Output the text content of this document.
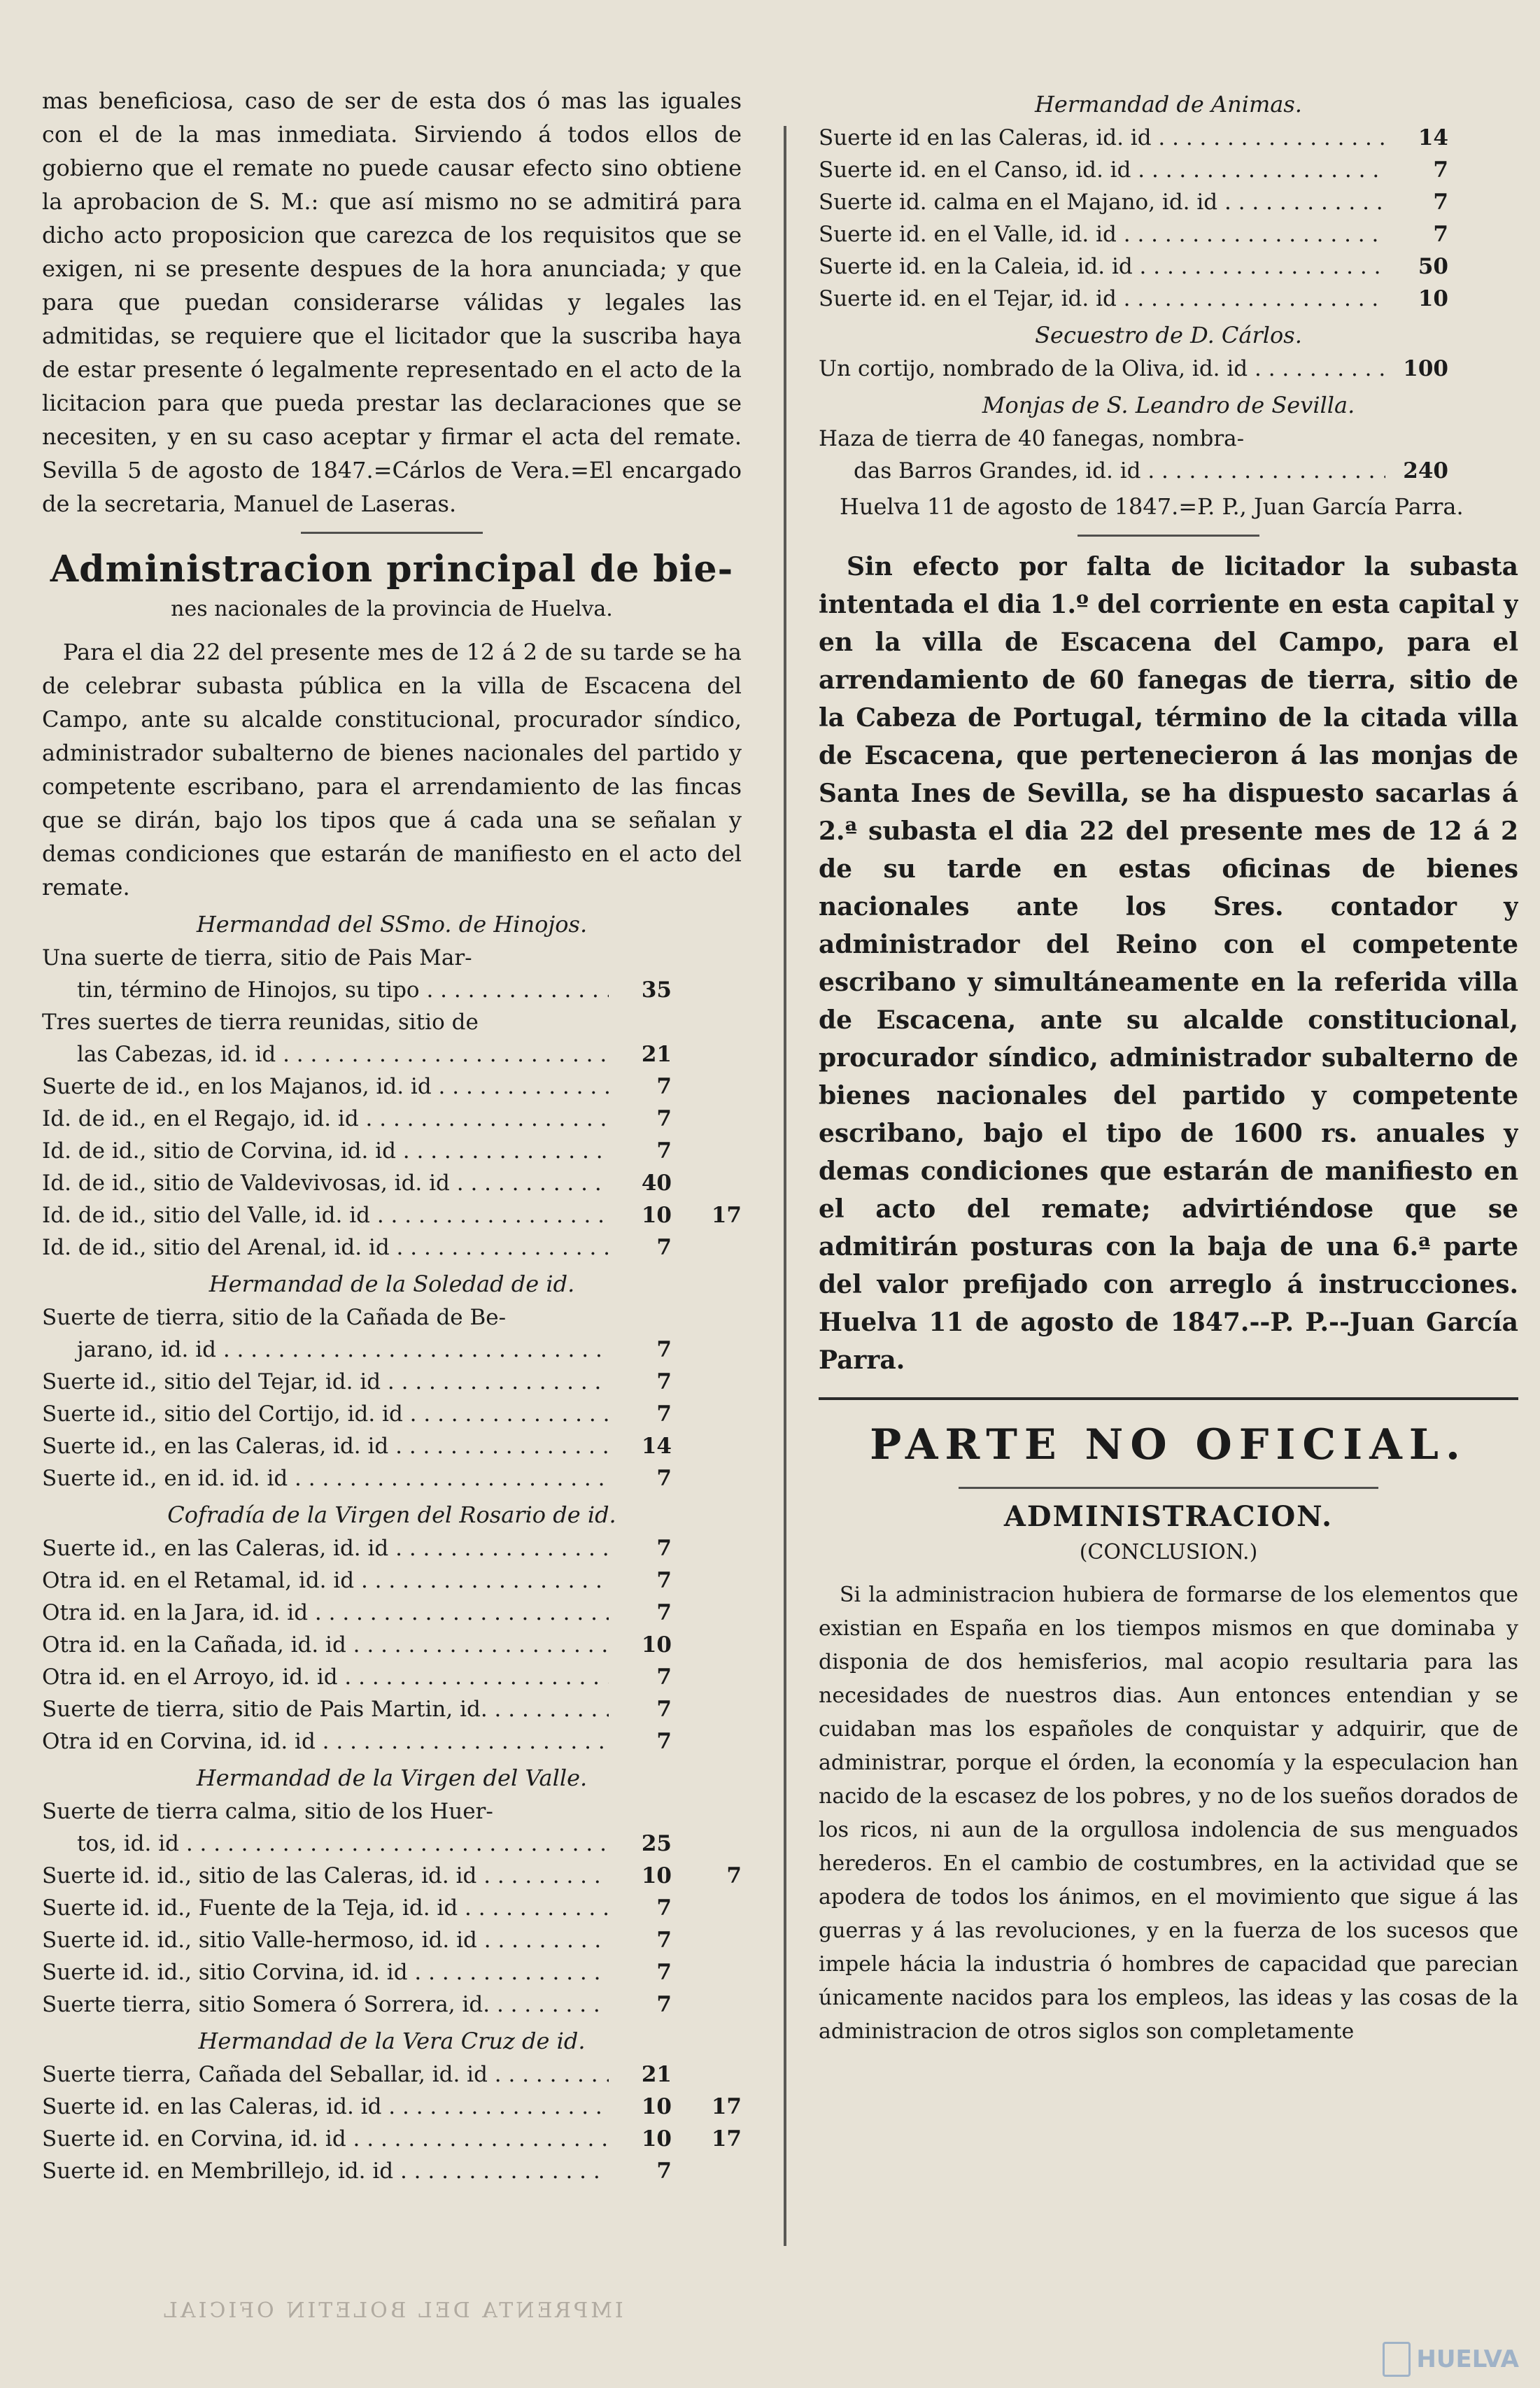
mas beneficiosa, caso de ser de esta dos ó mas las iguales con el de la mas inmediata. Sirviendo á todos ellos de gobierno que el remate no puede causar efecto sino obtiene la aprobacion de S. M.: que así mismo no se admitirá para dicho acto proposicion que carezca de los requisitos que se exigen, ni se presente despues de la hora anunciada; y que para que puedan considerarse válidas y legales las admitidas, se requiere que el licitador que la suscriba haya de estar presente ó legalmente representado en el acto de la licitacion para que pueda prestar las declaraciones que se necesiten, y en su caso aceptar y firmar el acta del remate. Sevilla 5 de agosto de 1847.=Cárlos de Vera.=El encargado de la secretaria, Manuel de Laseras.

Administracion principal de bie-
nes nacionales de la provincia de Huelva.

Para el dia 22 del presente mes de 12 á 2 de su tarde se ha de celebrar subasta pública en la villa de Escacena del Campo, ante su alcalde constitucional, procurador síndico, administrador subalterno de bienes nacionales del partido y competente escribano, para el arrendamiento de las fincas que se dirán, bajo los tipos que á cada una se señalan y demas condiciones que estarán de manifiesto en el acto del remate.

Hermandad del SSmo. de Hinojos.
Una suerte de tierra, sitio de Pais Mar-
tin, término de Hinojos, su tipo . . .	35
Tres suertes de tierra reunidas, sitio de
las Cabezas, id. id . . .	21
Suerte de id., en los Majanos, id. id . . .	7
Id. de id., en el Regajo, id. id . . .	7
Id. de id., sitio de Corvina, id. id . . .	7
Id. de id., sitio de Valdevivosas, id. id . . .	40
Id. de id., sitio del Valle, id. id . . .	10	17
Id. de id., sitio del Arenal, id. id . . .	7
Hermandad de la Soledad de id.
Suerte de tierra, sitio de la Cañada de Be-
jarano, id. id . . .	7
Suerte id., sitio del Tejar, id. id . . .	7
Suerte id., sitio del Cortijo, id. id . . .	7
Suerte id., en las Caleras, id. id . . .	14
Suerte id., en id. id. id . . .	7
Cofradía de la Virgen del Rosario de id.
Suerte id., en las Caleras, id. id . . .	7
Otra id. en el Retamal, id. id . . .	7
Otra id. en la Jara, id. id . . .	7
Otra id. en la Cañada, id. id . . .	10
Otra id. en el Arroyo, id. id . . .	7
Suerte de tierra, sitio de Pais Martin, id. . . .	7
Otra id en Corvina, id. id . . .	7
Hermandad de la Virgen del Valle.
Suerte de tierra calma, sitio de los Huer-
tos, id. id . . .	25
Suerte id. id., sitio de las Caleras, id. id . . .	10	7
Suerte id. id., Fuente de la Teja, id. id . . .	7
Suerte id. id., sitio Valle-hermoso, id. id . . .	7
Suerte id. id., sitio Corvina, id. id . . .	7
Suerte tierra, sitio Somera ó Sorrera, id. . . .	7
Hermandad de la Vera Cruz de id.
Suerte tierra, Cañada del Seballar, id. id . . .	21
Suerte id. en las Caleras, id. id . . .	10	17
Suerte id. en Corvina, id. id . . .	10	17
Suerte id. en Membrillejo, id. id . . .	7
Hermandad de Animas.
Suerte id en las Caleras, id. id . . .	14
Suerte id. en el Canso, id. id . . .	7
Suerte id. calma en el Majano, id. id . . .	7
Suerte id. en el Valle, id. id . . .	7
Suerte id. en la Caleia, id. id . . .	50
Suerte id. en el Tejar, id. id . . .	10
Secuestro de D. Cárlos.
Un cortijo, nombrado de la Oliva, id. id . . .	100
Monjas de S. Leandro de Sevilla.
Haza de tierra de 40 fanegas, nombra-
das Barros Grandes, id. id . . .	240

Huelva 11 de agosto de 1847.=P. P., Juan García Parra.

Sin efecto por falta de licitador la subasta intentada el dia 1.º del corriente en esta capital y en la villa de Escacena del Campo, para el arrendamiento de 60 fanegas de tierra, sitio de la Cabeza de Portugal, término de la citada villa de Escacena, que pertenecieron á las monjas de Santa Ines de Sevilla, se ha dispuesto sacarlas á 2.ª subasta el dia 22 del presente mes de 12 á 2 de su tarde en estas oficinas de bienes nacionales ante los Sres. contador y administrador del Reino con el competente escribano y simultáneamente en la referida villa de Escacena, ante su alcalde constitucional, procurador síndico, administrador subalterno de bienes nacionales del partido y competente escribano, bajo el tipo de 1600 rs. anuales y demas condiciones que estarán de manifiesto en el acto del remate; advirtiéndose que se admitirán posturas con la baja de una 6.ª parte del valor prefijado con arreglo á instrucciones. Huelva 11 de agosto de 1847.--P. P.--Juan García Parra.

PARTE NO OFICIAL.
ADMINISTRACION.
(CONCLUSION.)

Si la administracion hubiera de formarse de los elementos que existian en España en los tiempos mismos en que dominaba y disponia de dos hemisferios, mal acopio resultaria para las necesidades de nuestros dias. Aun entonces entendian y se cuidaban mas los españoles de conquistar y adquirir, que de administrar, porque el órden, la economía y la especulacion han nacido de la escasez de los pobres, y no de los sueños dorados de los ricos, ni aun de la orgullosa indolencia de sus menguados herederos. En el cambio de costumbres, en la actividad que se apodera de todos los ánimos, en el movimiento que sigue á las guerras y á las revoluciones, y en la fuerza de los sucesos que impele hácia la industria ó hombres de capacidad que parecian únicamente nacidos para los empleos, las ideas y las cosas de la administracion de otros siglos son completamente

IMPRENTA DEL BOLETIN OFICIAL
HUELVA
